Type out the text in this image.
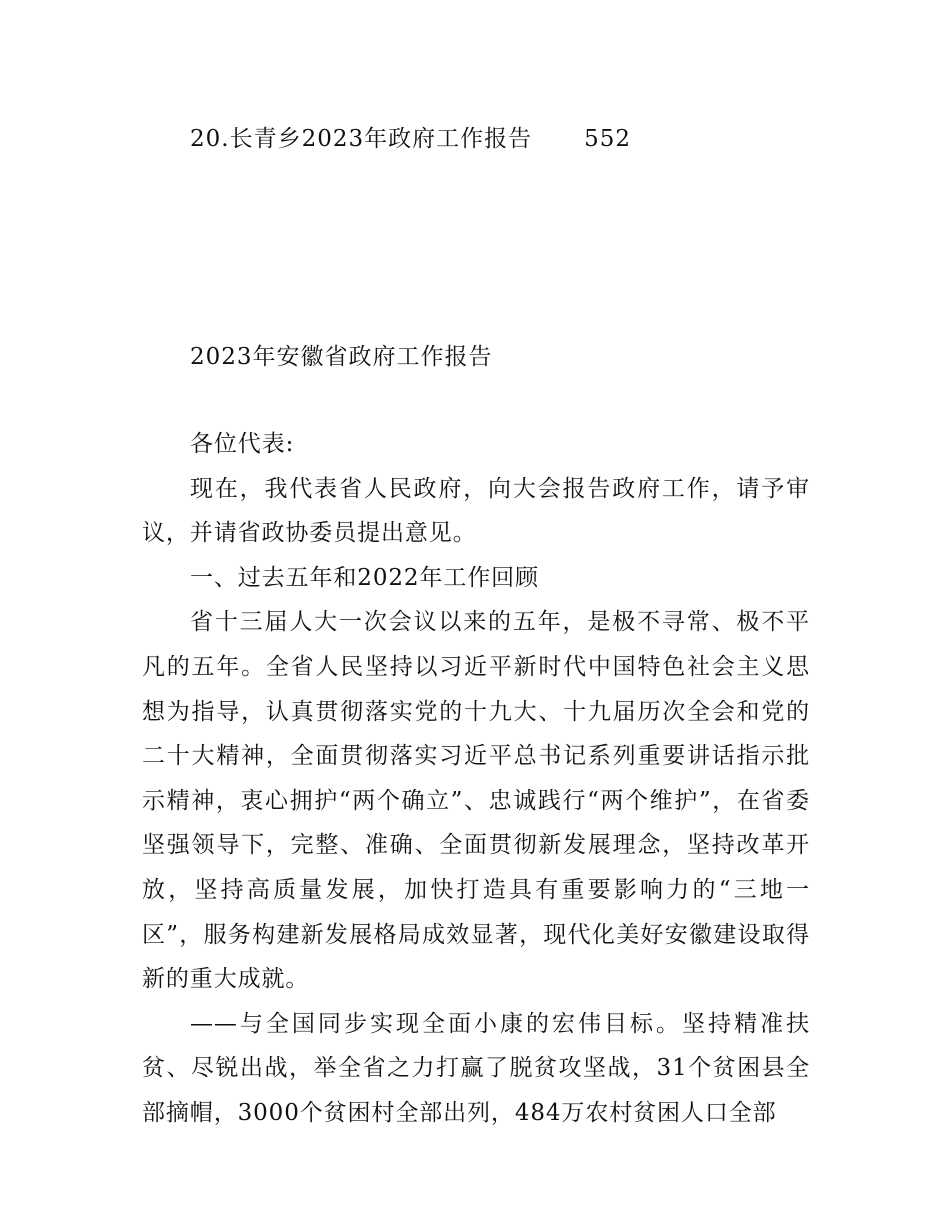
20.长青乡2023年政府工作报告 552
2023年安徽省政府工作报告

各位代表:

现在，我代表省人民政府，向大会报告政府工作，请予审议，并请省政协委员提出意见。

一、过去五年和2022年工作回顾

省十三届人大一次会议以来的五年，是极不寻常、极不平凡的五年。全省人民坚持以习近平新时代中国特色社会主义思想为指导，认真贯彻落实党的十九大、十九届历次全会和党的二十大精神，全面贯彻落实习近平总书记系列重要讲话指示批示精神，衷心拥护“两个确立”、忠诚践行“两个维护”，在省委坚强领导下，完整、准确、全面贯彻新发展理念，坚持改革开放，坚持高质量发展，加快打造具有重要影响力的“三地一区”，服务构建新发展格局成效显著，现代化美好安徽建设取得新的重大成就。

——与全国同步实现全面小康的宏伟目标。坚持精准扶贫、尽锐出战，举全省之力打赢了脱贫攻坚战，31个贫困县全部摘帽，3000个贫困村全部出列，484万农村贫困人口全部
